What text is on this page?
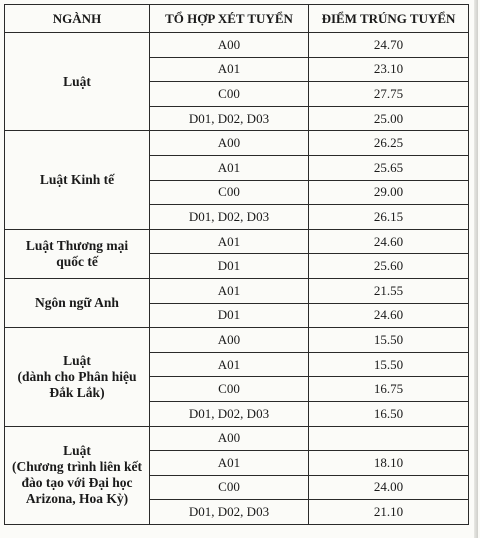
NGÀNH	TỔ HỢP XÉT TUYỂN	ĐIỂM TRÚNG TUYỂN

Luật	A00	24.70
	A01	23.10
	C00	27.75
	D01, D02, D03	25.00

Luật Kinh tế	A00	26.25
	A01	25.65
	C00	29.00
	D01, D02, D03	26.15

Luật Thương mại
quốc tế	A01	24.60
	D01	25.60

Ngôn ngữ Anh	A01	21.55
	D01	24.60

Luật
(dành cho Phân hiệu
Đắk Lắk)	A00	15.50
	A01	15.50
	C00	16.75
	D01, D02, D03	16.50

Luật
(Chương trình liên kết
đào tạo với Đại học
Arizona, Hoa Kỳ)	A00	
	A01	18.10
	C00	24.00
	D01, D02, D03	21.10
